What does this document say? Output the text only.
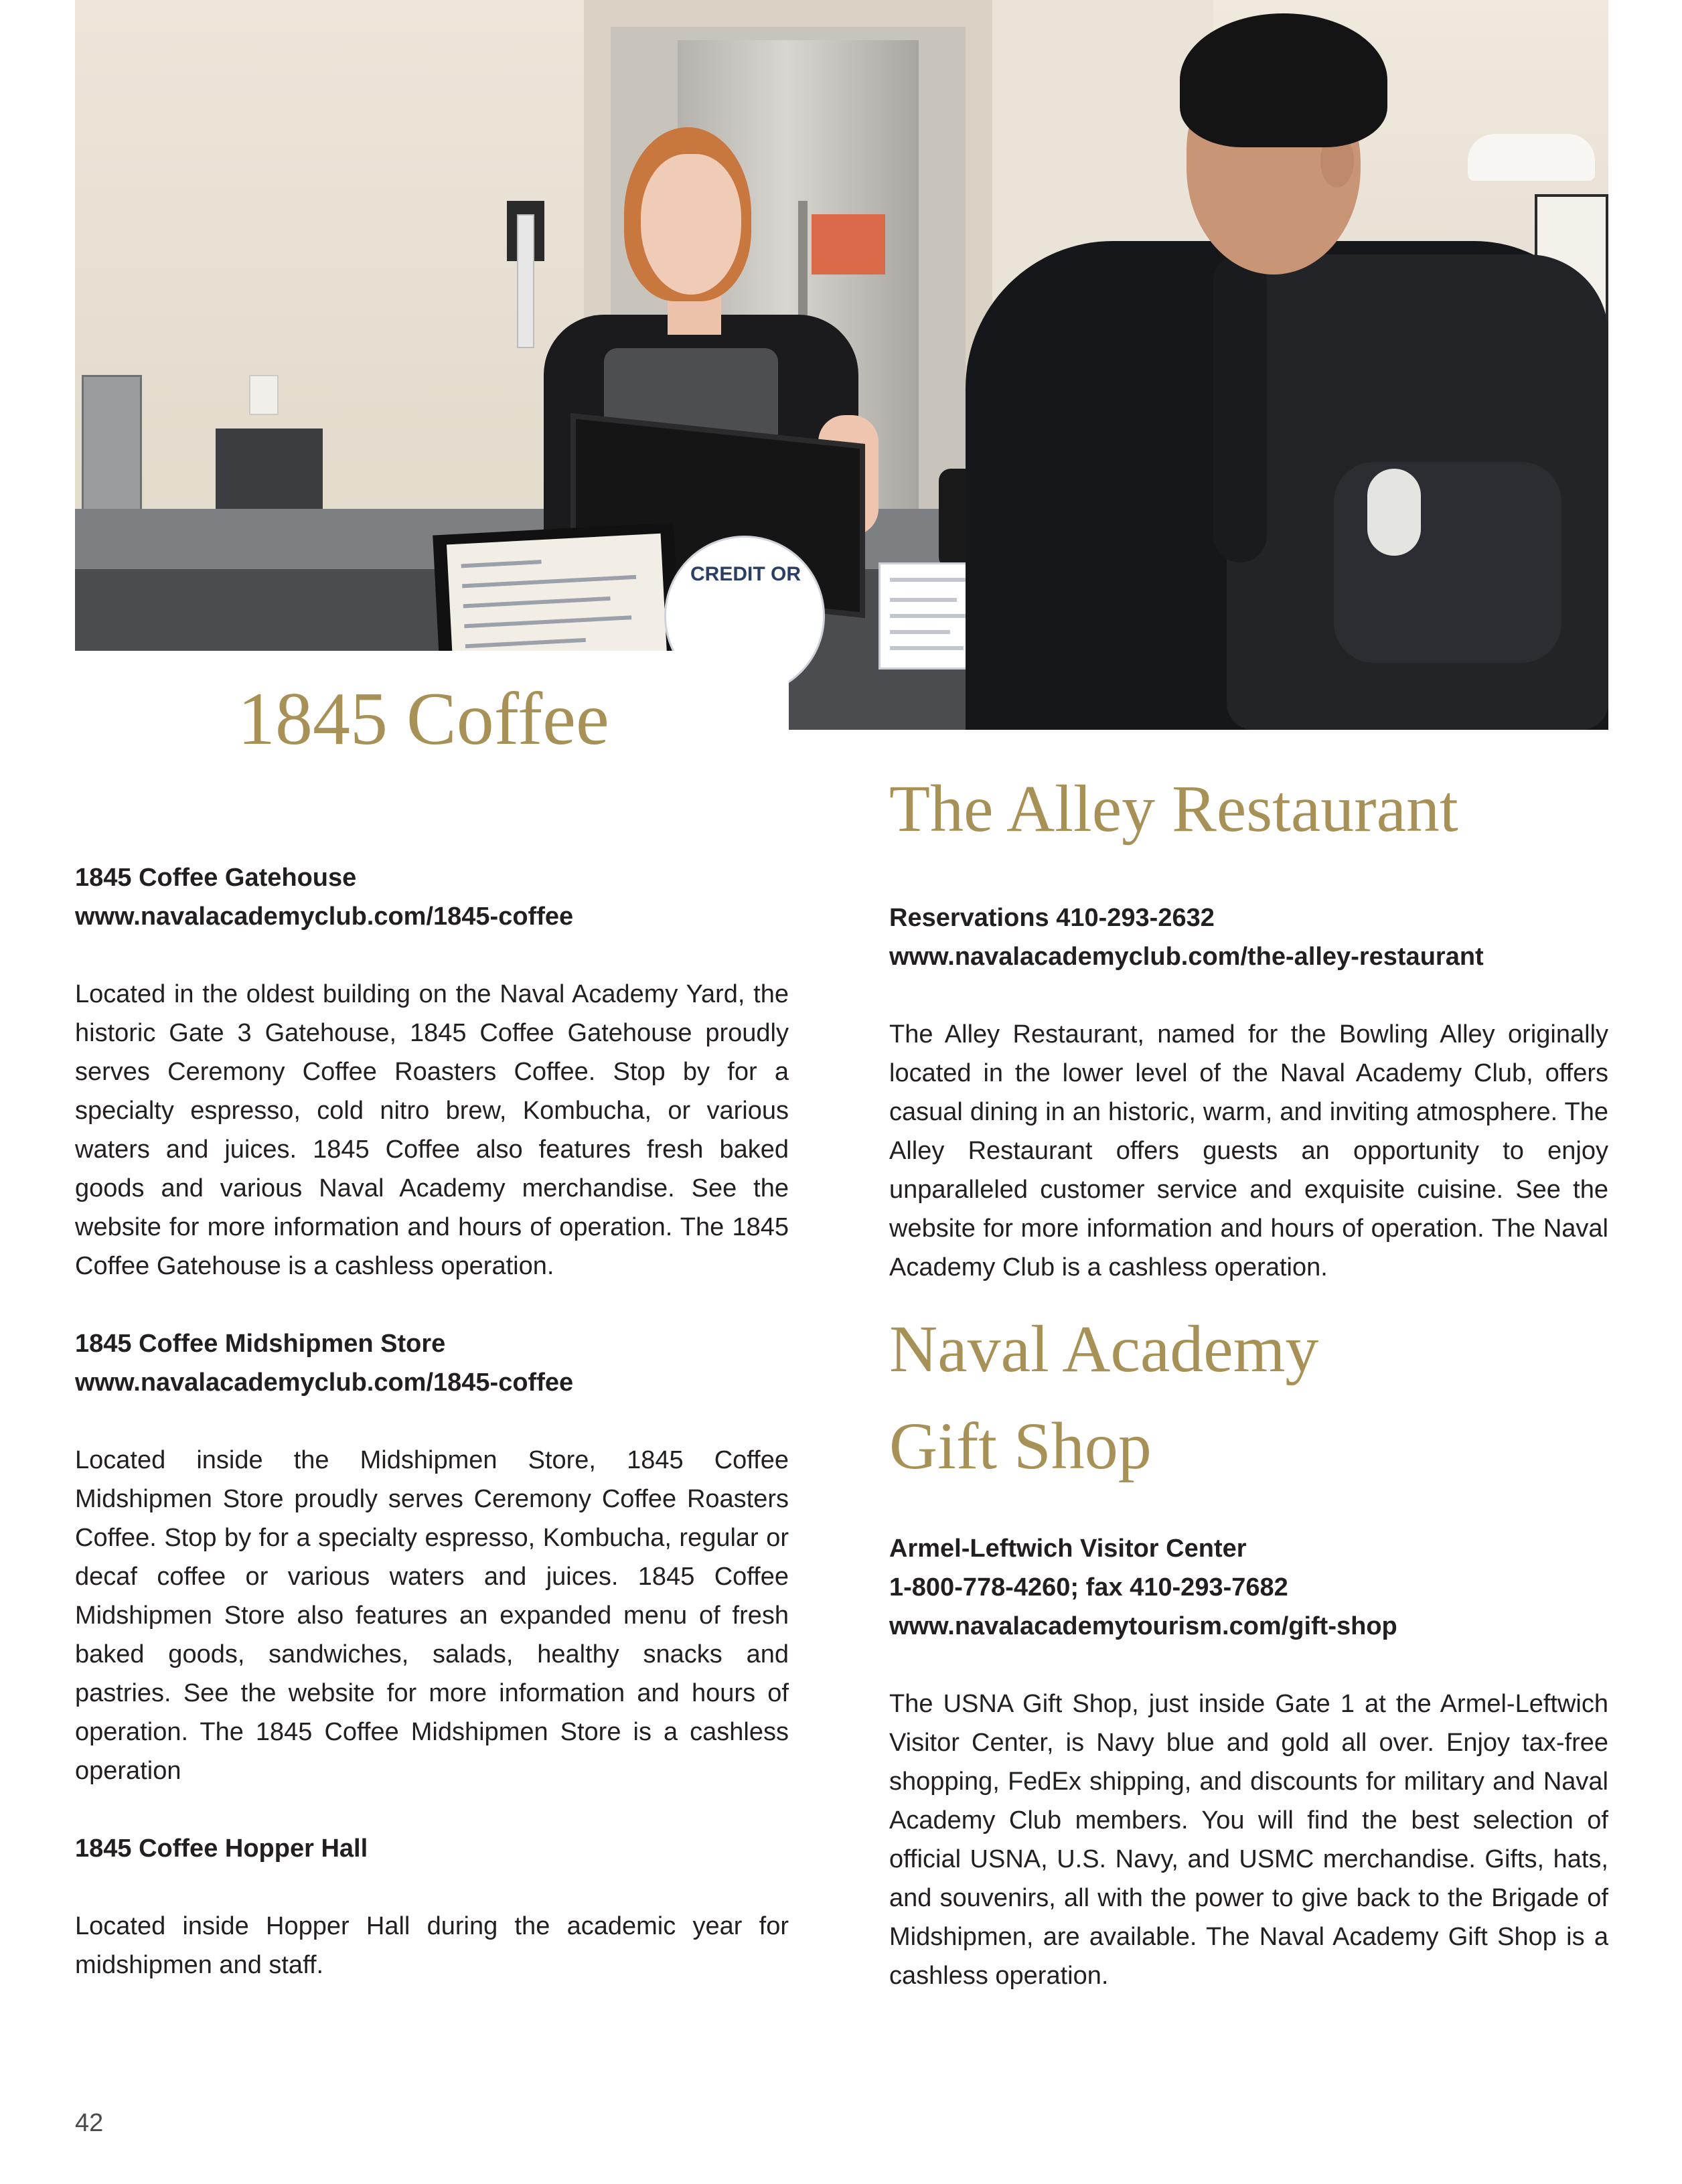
CREDIT OR
1845 Coffee
The Alley Restaurant
Naval Academy
Gift Shop
1845 Coffee Gatehouse
www.navalacademyclub.com/1845-coffee
Located in the oldest building on the Naval Academy Yard, the historic Gate 3 Gatehouse, 1845 Coffee Gatehouse proudly serves Ceremony Coffee Roasters Coffee. Stop by for a specialty espresso, cold nitro brew, Kombucha, or various waters and juices. 1845 Coffee also features fresh baked goods and various Naval Academy merchandise. See the website for more information and hours of operation. The 1845 Coffee Gatehouse is a cashless operation.
1845 Coffee Midshipmen Store
www.navalacademyclub.com/1845-coffee
Located inside the Midshipmen Store, 1845 Coffee Midshipmen Store proudly serves Ceremony Coffee Roasters Coffee. Stop by for a specialty espresso, Kombucha, regular or decaf coffee or various waters and juices. 1845 Coffee Midshipmen Store also features an expanded menu of fresh baked goods, sandwiches, salads, healthy snacks and pastries. See the website for more information and hours of operation. The 1845 Coffee Midshipmen Store is a cashless operation
1845 Coffee Hopper Hall
Located inside Hopper Hall during the academic year for midshipmen and staff.
Reservations 410-293-2632
www.navalacademyclub.com/the-alley-restaurant
The Alley Restaurant, named for the Bowling Alley originally located in the lower level of the Naval Academy Club, offers casual dining in an historic, warm, and inviting atmosphere. The Alley Restaurant offers guests an opportunity to enjoy unparalleled customer service and exquisite cuisine. See the website for more information and hours of operation. The Naval Academy Club is a cashless operation.
Armel-Leftwich Visitor Center
1-800-778-4260; fax 410-293-7682
www.navalacademytourism.com/gift-shop
The USNA Gift Shop, just inside Gate 1 at the Armel-Leftwich Visitor Center, is Navy blue and gold all over. Enjoy tax-free shopping, FedEx shipping, and discounts for military and Naval Academy Club members. You will find the best selection of official USNA, U.S. Navy, and USMC merchandise. Gifts, hats, and souvenirs, all with the power to give back to the Brigade of Midshipmen, are available. The Naval Academy Gift Shop is a cashless operation.
42
